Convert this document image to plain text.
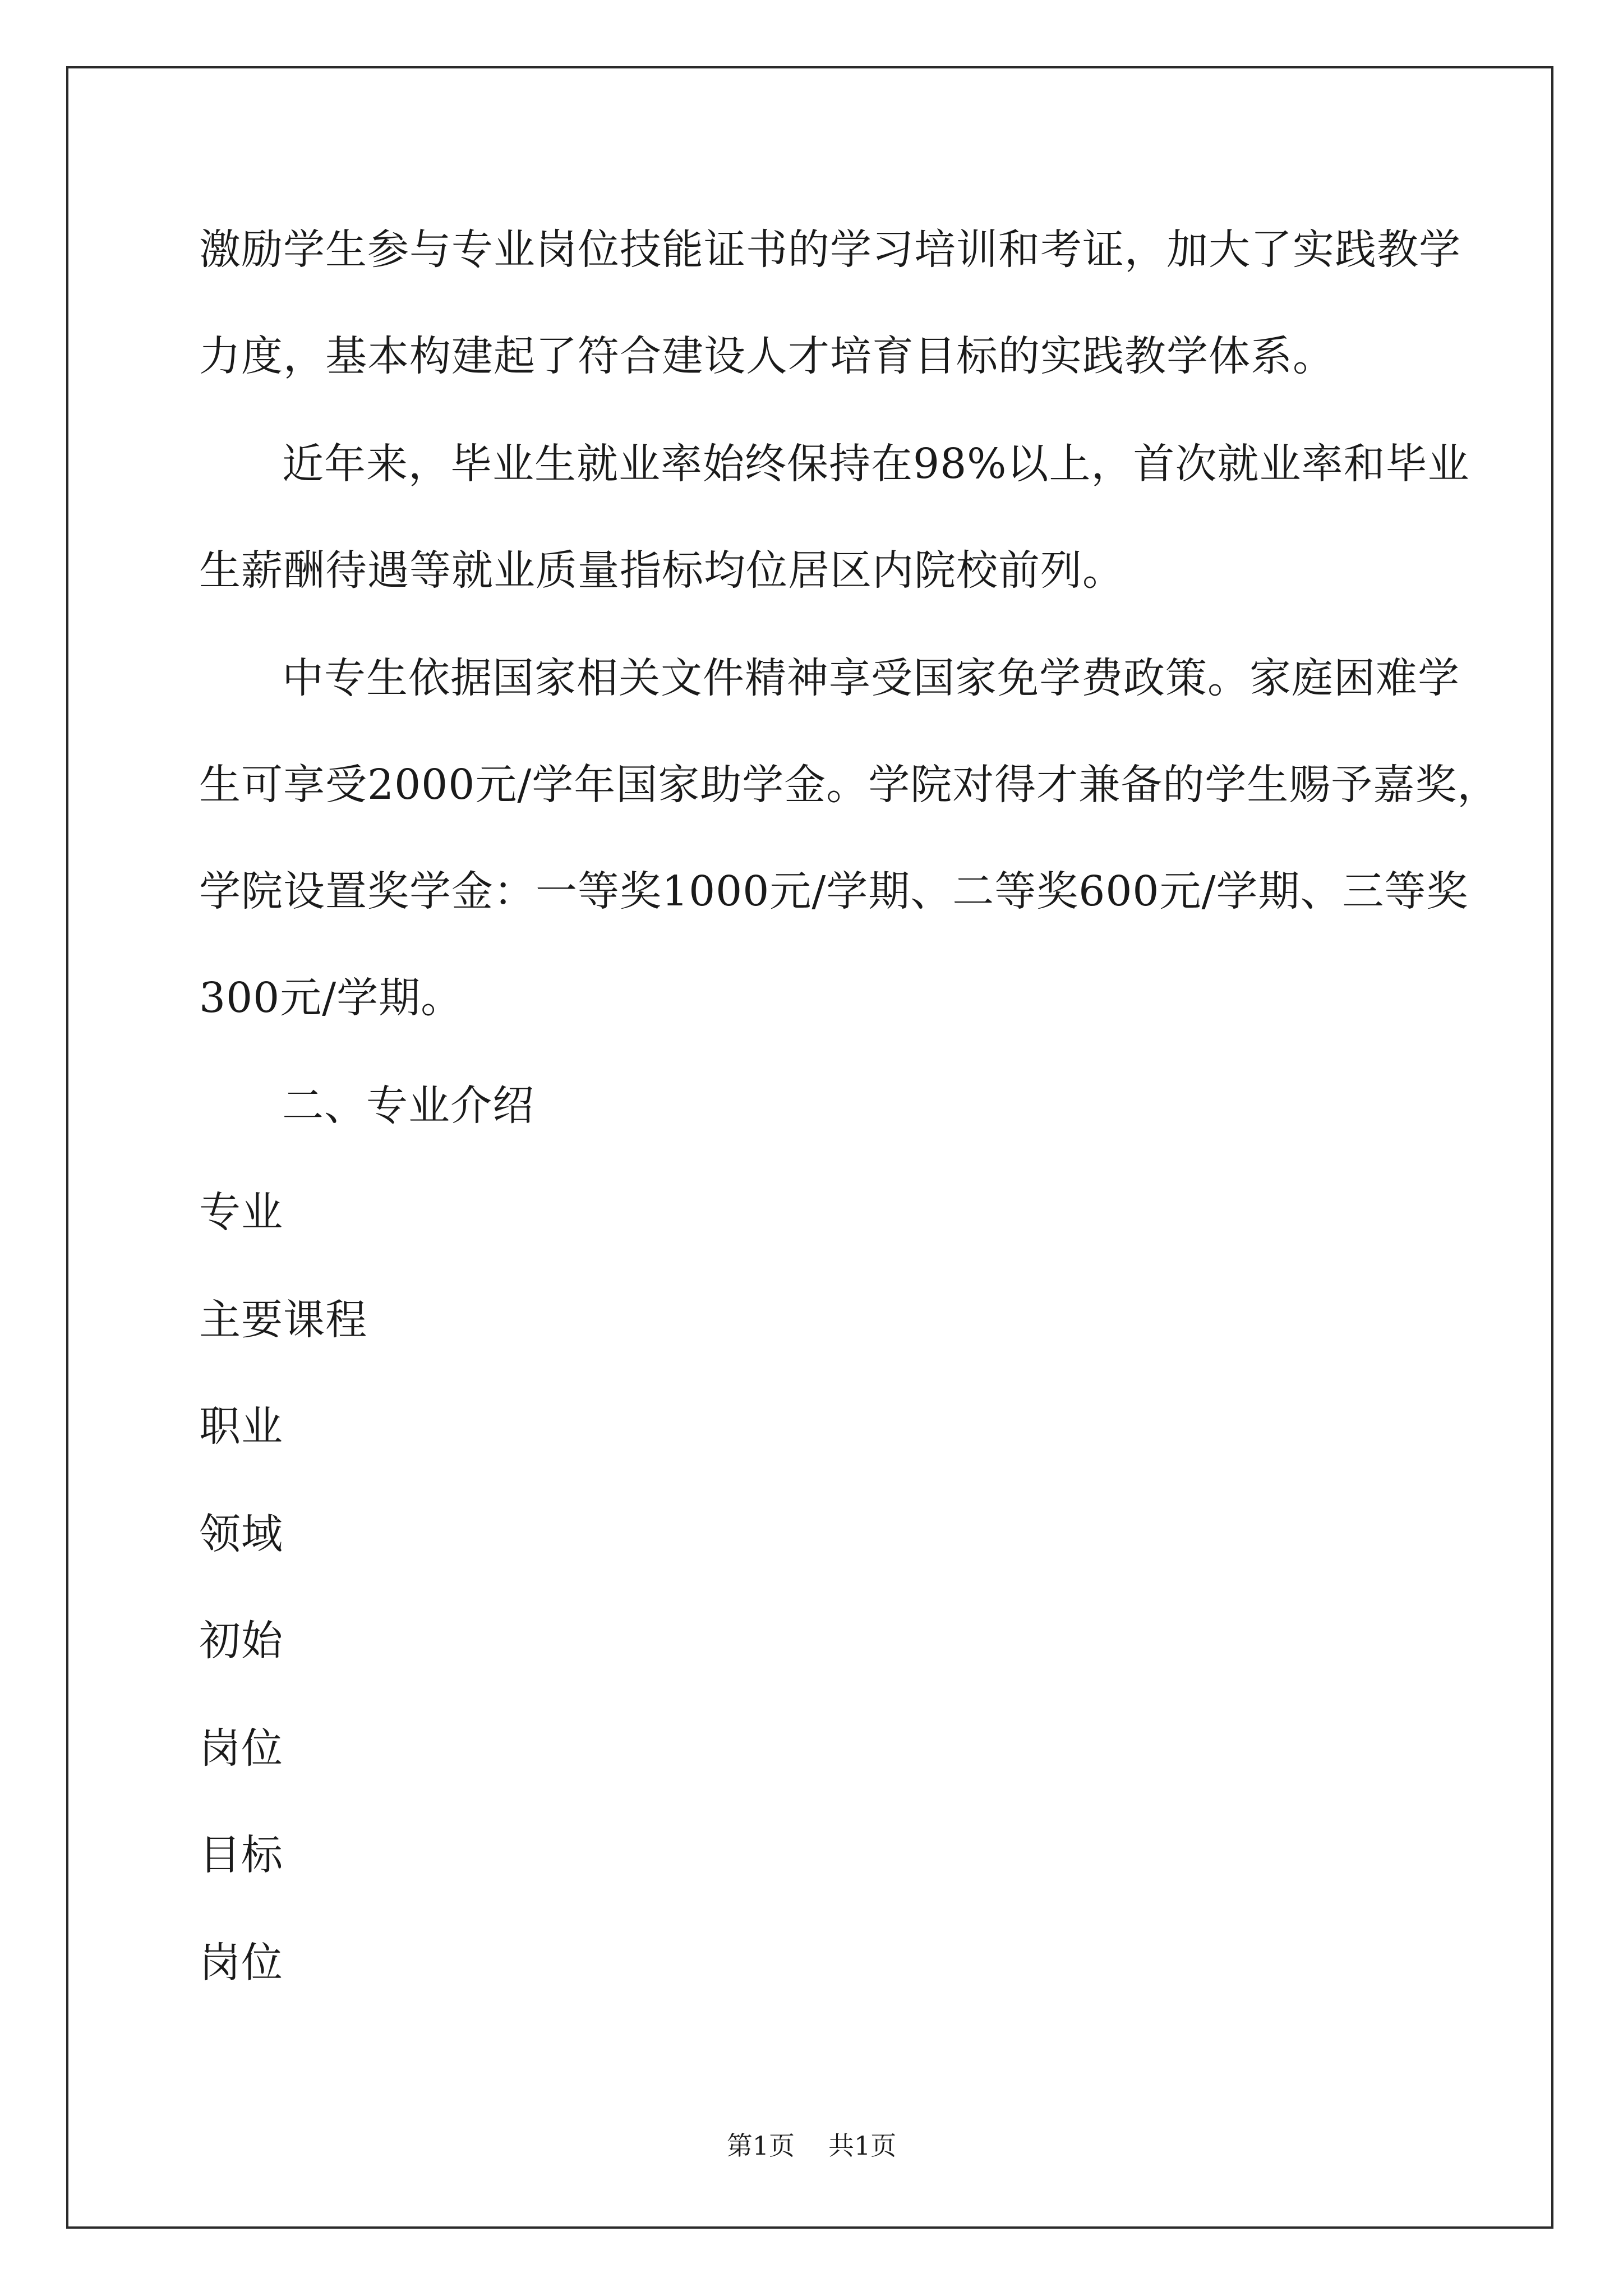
激励学生参与专业岗位技能证书的学习培训和考证，加大了实践教学
力度，基本构建起了符合建设人才培育目标的实践教学体系。
近年来，毕业生就业率始终保持在98%以上，首次就业率和毕业
生薪酬待遇等就业质量指标均位居区内院校前列。
中专生依据国家相关文件精神享受国家免学费政策。家庭困难学
生可享受2000元/学年国家助学金。学院对得才兼备的学生赐予嘉奖，
学院设置奖学金：一等奖1000元/学期、二等奖600元/学期、三等奖
300元/学期。
二、专业介绍
专业
主要课程
职业
领域
初始
岗位
目标
岗位
第1页 共1页
